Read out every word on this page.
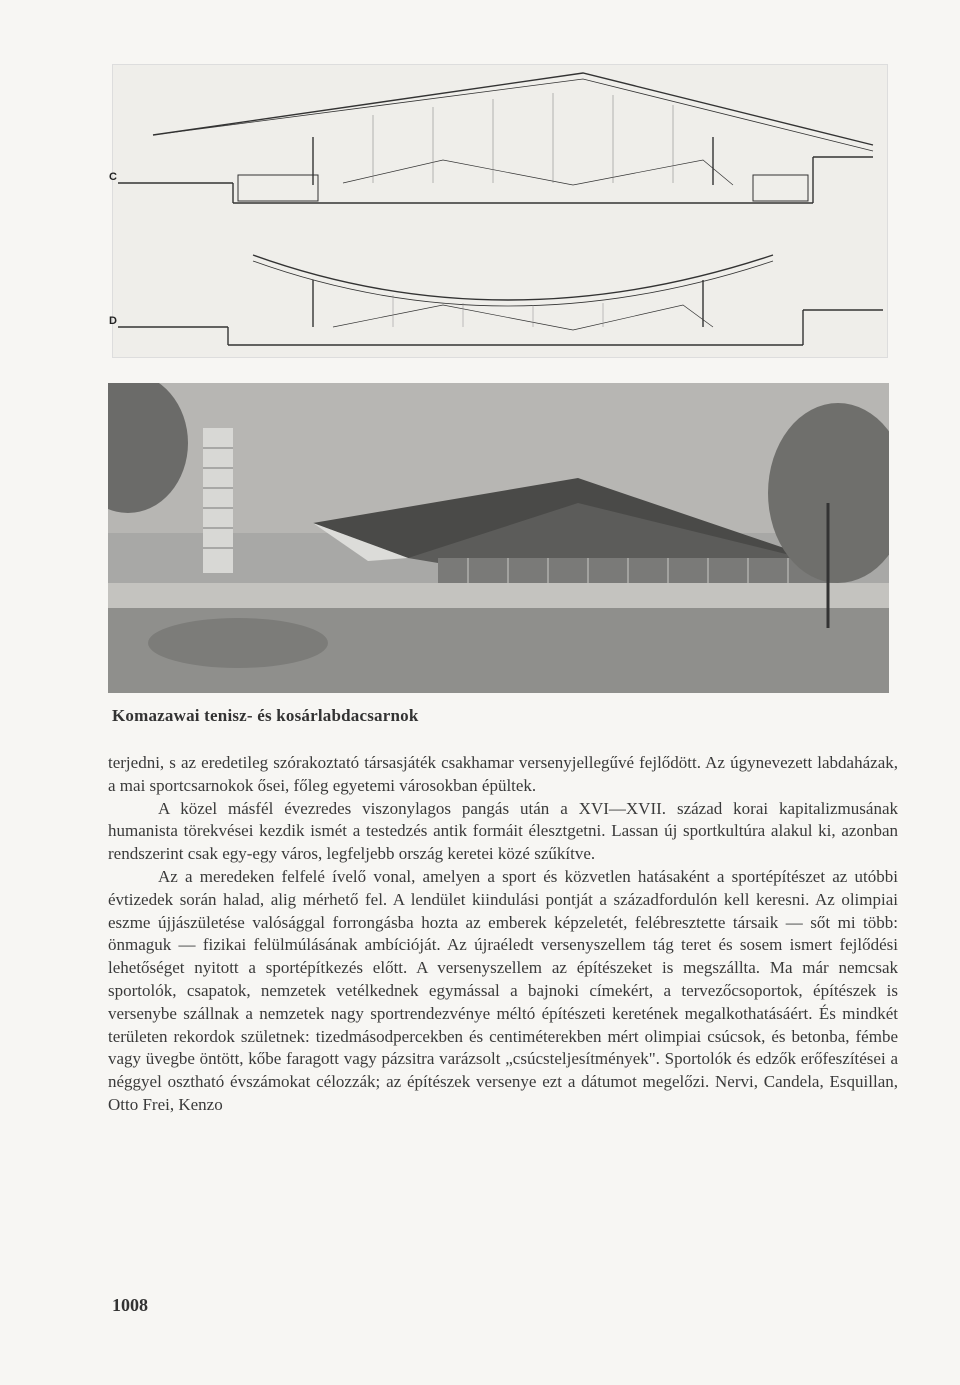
C
D
Komazawai tenisz- és kosárlabdacsarnok

terjedni, s az eredetileg szórakoztató társasjáték csakhamar versenyjellegűvé fejlődött. Az úgynevezett labdaházak, a mai sportcsarnokok ősei, főleg egyetemi városokban épültek.

A közel másfél évezredes viszonylagos pangás után a XVI—XVII. század korai kapitalizmusának humanista törekvései kezdik ismét a testedzés antik formáit élesztgetni. Lassan új sportkultúra alakul ki, azonban rendszerint csak egy-egy város, legfeljebb ország keretei közé szűkítve.

Az a meredeken felfelé ívelő vonal, amelyen a sport és közvetlen hatásaként a sportépítészet az utóbbi évtizedek során halad, alig mérhető fel. A lendület kiindulási pontját a századfordulón kell keresni. Az olimpiai eszme újjászületése valósággal forrongásba hozta az emberek képzeletét, felébresztette társaik — sőt mi több: önmaguk — fizikai felülmúlásának ambícióját. Az újraéledt versenyszellem tág teret és sosem ismert fejlődési lehetőséget nyitott a sportépítkezés előtt. A versenyszellem az építészeket is megszállta. Ma már nemcsak sportolók, csapatok, nemzetek vetélkednek egymással a bajnoki címekért, a tervezőcsoportok, építészek is versenybe szállnak a nemzetek nagy sportrendezvénye méltó építészeti keretének megalkothatásáért. És mindkét területen rekordok születnek: tizedmásodpercekben és centiméterekben mért olimpiai csúcsok, és betonba, fémbe vagy üvegbe öntött, kőbe faragott vagy pázsitra varázsolt „csúcsteljesítmények". Sportolók és edzők erőfeszítései a néggyel osztható évszámokat célozzák; az építészek versenye ezt a dátumot megelőzi. Nervi, Candela, Esquillan, Otto Frei, Kenzo

1008
